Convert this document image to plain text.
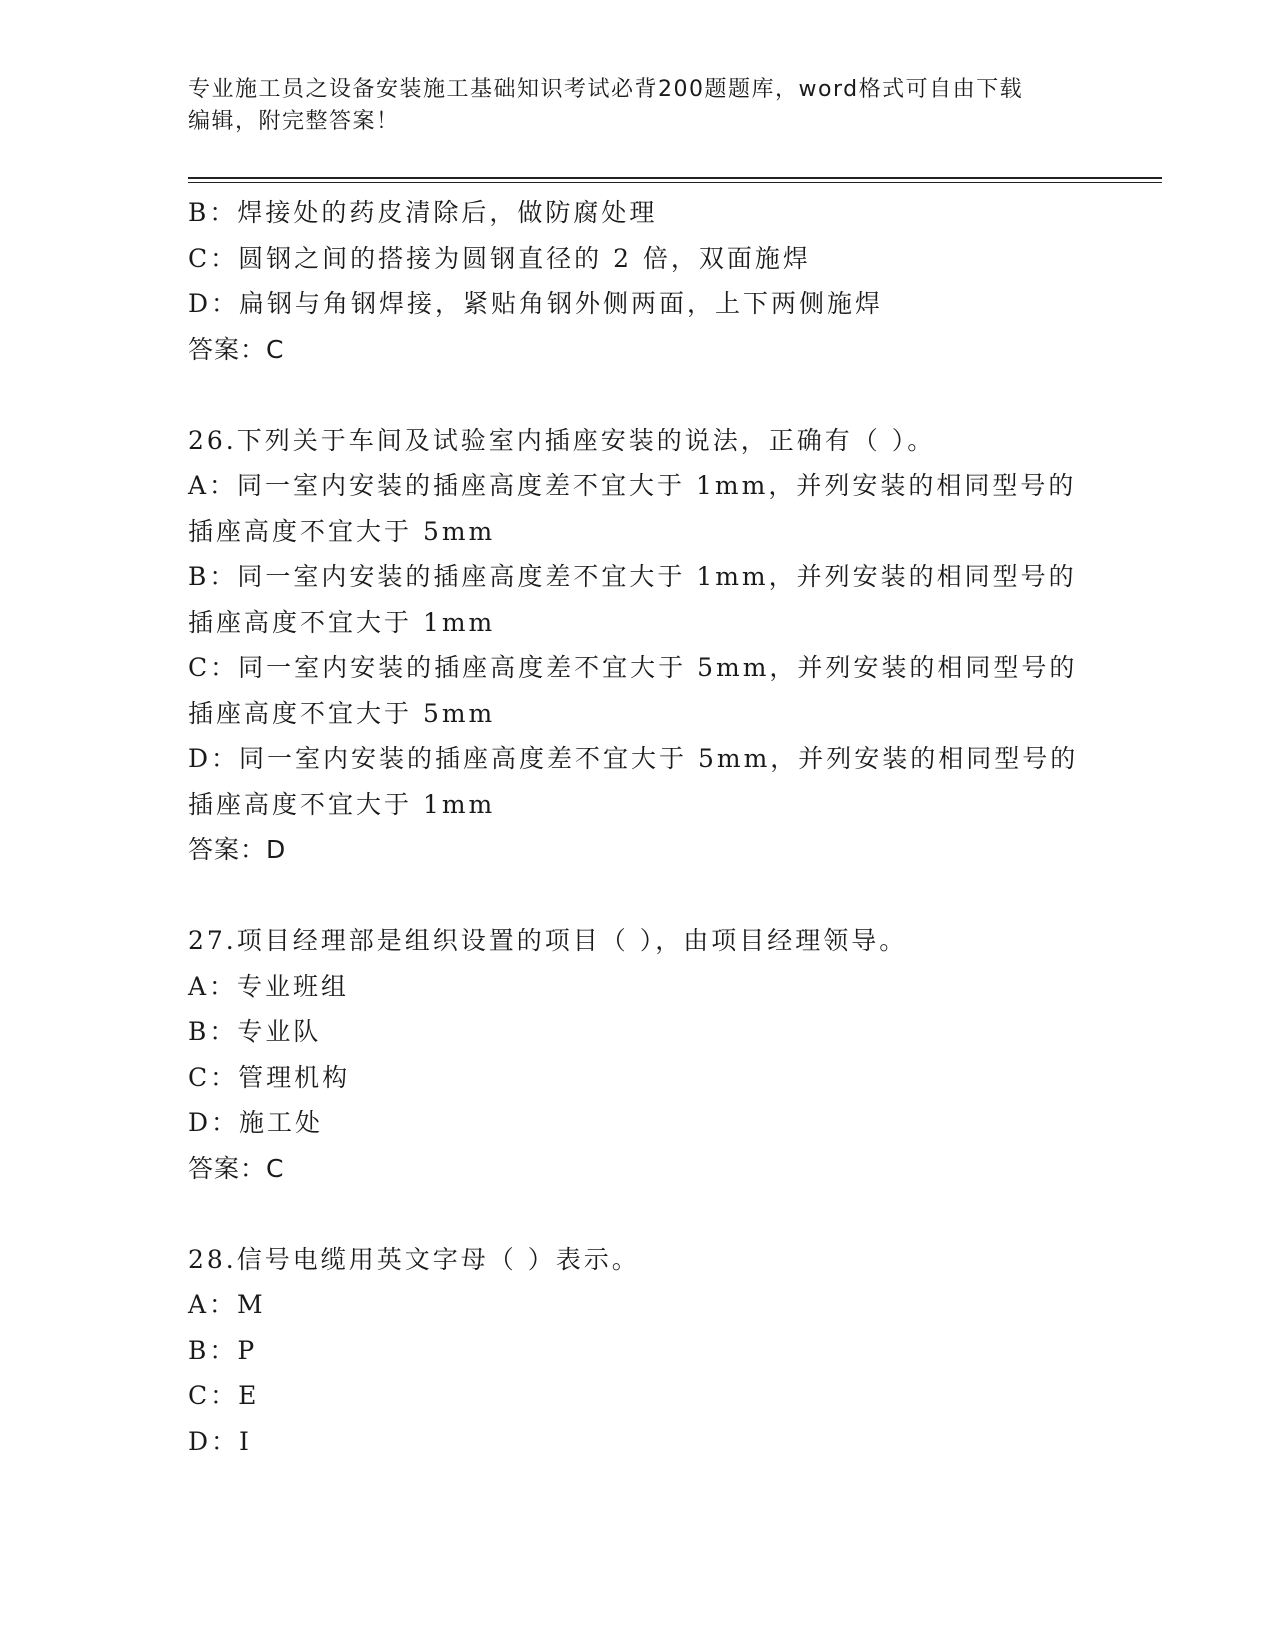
专业施工员之设备安装施工基础知识考试必背200题题库，word格式可自由下载
编辑，附完整答案！
B：焊接处的药皮清除后，做防腐处理
C：圆钢之间的搭接为圆钢直径的 2 倍，双面施焊
D：扁钢与角钢焊接，紧贴角钢外侧两面，上下两侧施焊
答案：C
26.下列关于车间及试验室内插座安装的说法，正确有（ ）。
A：同一室内安装的插座高度差不宜大于 1mm，并列安装的相同型号的
插座高度不宜大于 5mm
B：同一室内安装的插座高度差不宜大于 1mm，并列安装的相同型号的
插座高度不宜大于 1mm
C：同一室内安装的插座高度差不宜大于 5mm，并列安装的相同型号的
插座高度不宜大于 5mm
D：同一室内安装的插座高度差不宜大于 5mm，并列安装的相同型号的
插座高度不宜大于 1mm
答案：D
27.项目经理部是组织设置的项目（ ），由项目经理领导。
A：专业班组
B：专业队
C：管理机构
D：施工处
答案：C
28.信号电缆用英文字母（ ）表示。
A：M
B：P
C：E
D：I
